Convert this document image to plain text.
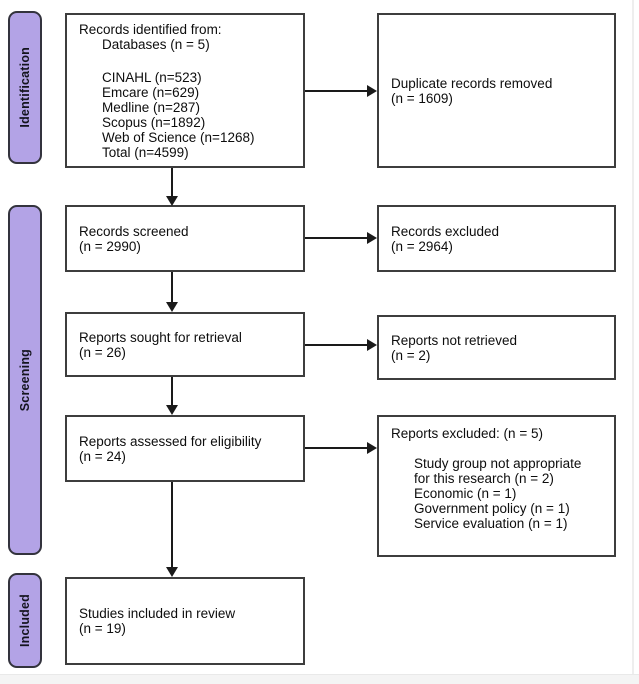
Identification
Screening
Included
Records identified from:
Databases (n = 5)
CINAHL (n=523)
Emcare (n=629)
Medline (n=287)
Scopus (n=1892)
Web of Science (n=1268)
Total (n=4599)
Duplicate records removed
(n = 1609)
Records screened
(n = 2990)
Records excluded
(n = 2964)
Reports sought for retrieval
(n = 26)
Reports not retrieved
(n = 2)
Reports assessed for eligibility
(n = 24)
Reports excluded: (n = 5)
Study group not appropriate for this research (n = 2)
Economic (n = 1)
Government policy (n = 1)
Service evaluation (n = 1)
Studies included in review
(n = 19)
